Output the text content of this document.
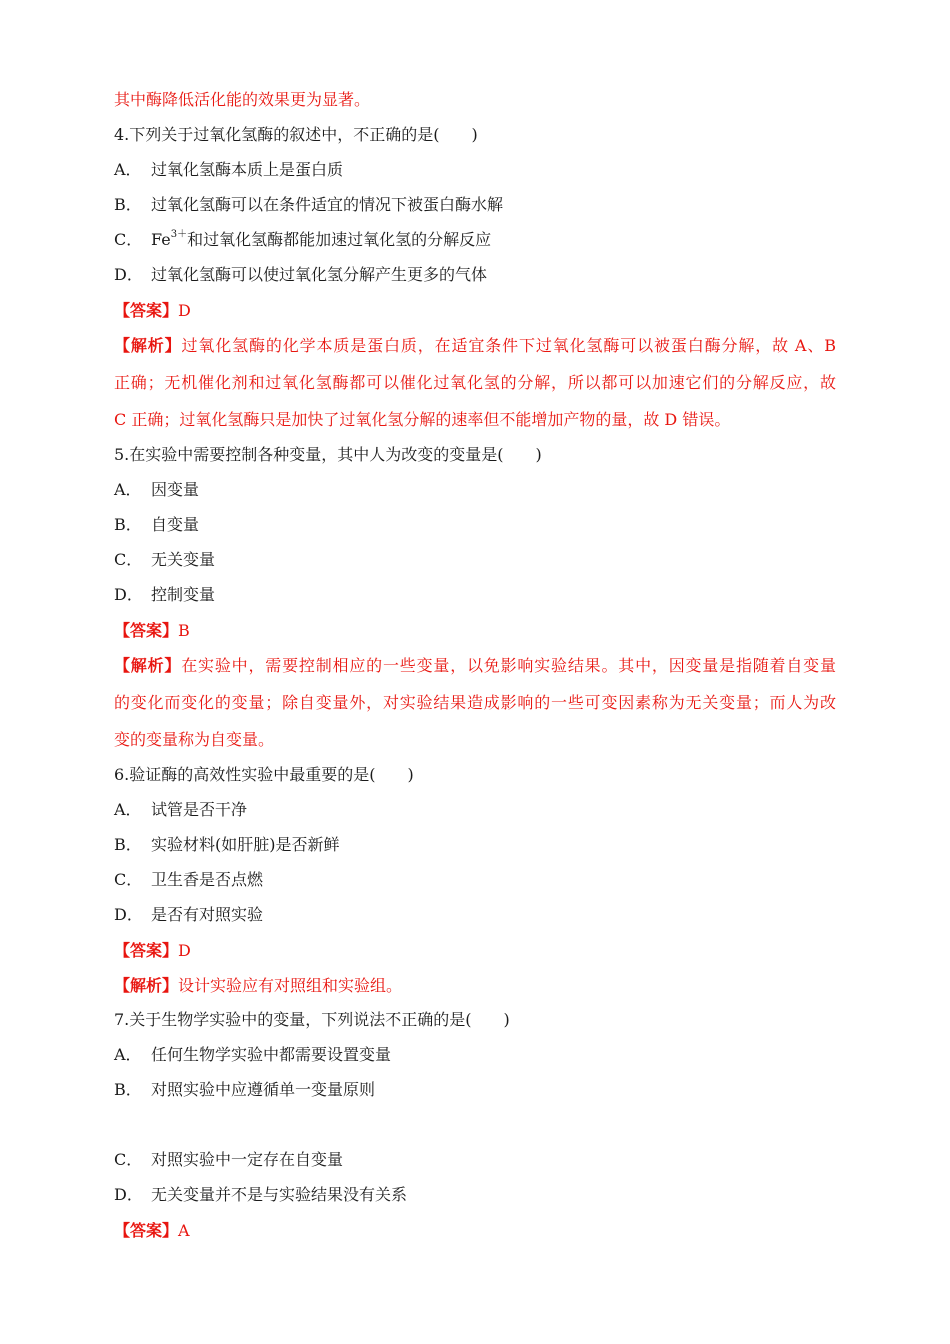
其中酶降低活化能的效果更为显著。
4.下列关于过氧化氢酶的叙述中，不正确的是(　　)
A． 过氧化氢酶本质上是蛋白质
B． 过氧化氢酶可以在条件适宜的情况下被蛋白酶水解
C． $Fe^{3+}$和过氧化氢酶都能加速过氧化氢的分解反应
D． 过氧化氢酶可以使过氧化氢分解产生更多的气体
【答案】D
【解析】过氧化氢酶的化学本质是蛋白质，在适宜条件下过氧化氢酶可以被蛋白酶分解，故 A、B
正确；无机催化剂和过氧化氢酶都可以催化过氧化氢的分解，所以都可以加速它们的分解反应，故
C 正确；过氧化氢酶只是加快了过氧化氢分解的速率但不能增加产物的量，故 D 错误。
5.在实验中需要控制各种变量，其中人为改变的变量是(　　)
A． 因变量
B． 自变量
C． 无关变量
D． 控制变量
【答案】B
【解析】在实验中，需要控制相应的一些变量，以免影响实验结果。其中，因变量是指随着自变量
的变化而变化的变量；除自变量外，对实验结果造成影响的一些可变因素称为无关变量；而人为改
变的变量称为自变量。
6.验证酶的高效性实验中最重要的是(　　)
A． 试管是否干净
B． 实验材料(如肝脏)是否新鲜
C． 卫生香是否点燃
D． 是否有对照实验
【答案】D
【解析】设计实验应有对照组和实验组。
7.关于生物学实验中的变量，下列说法不正确的是(　　)
A． 任何生物学实验中都需要设置变量
B． 对照实验中应遵循单一变量原则
C． 对照实验中一定存在自变量
D． 无关变量并不是与实验结果没有关系
【答案】A
